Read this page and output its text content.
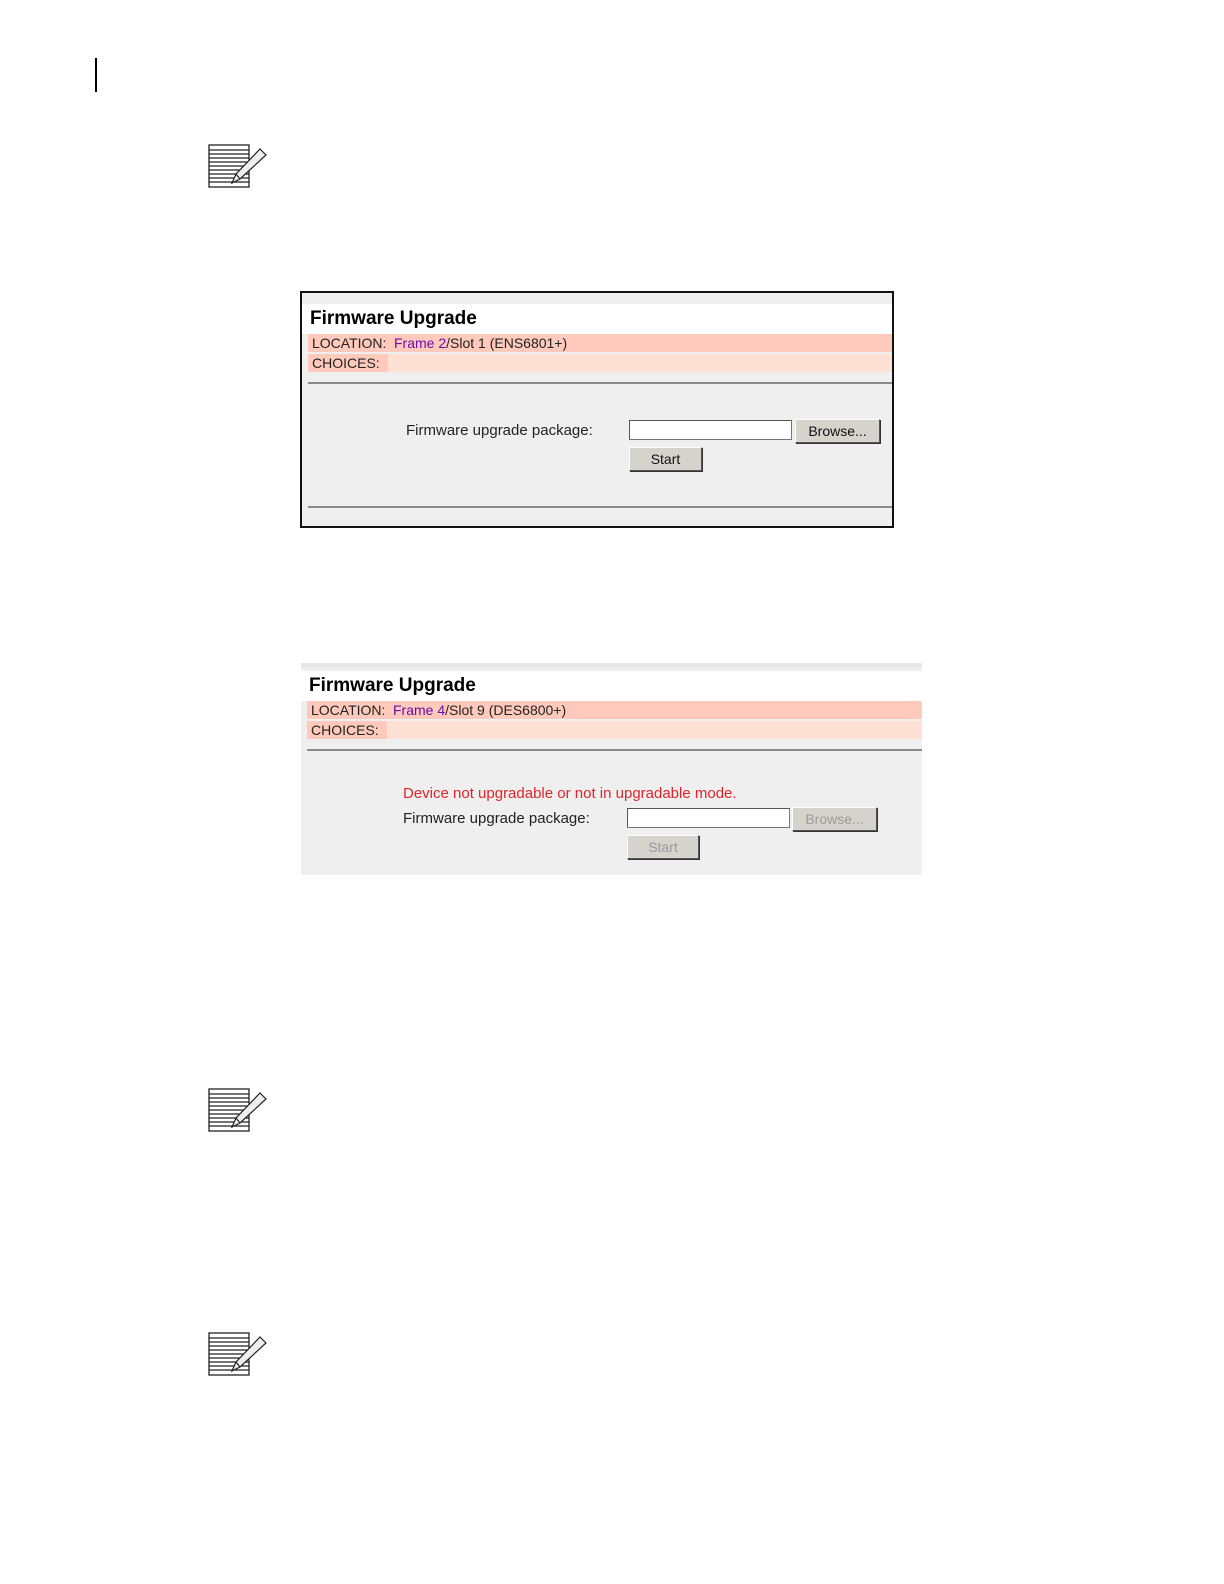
Firmware Upgrade
LOCATION: Frame 2/Slot 1 (ENS6801+)
CHOICES:
Firmware upgrade package:	Browse...
Start
Firmware Upgrade
LOCATION: Frame 4/Slot 9 (DES6800+)
CHOICES:
Device not upgradable or not in upgradable mode.
Firmware upgrade package:	Browse...
Start
